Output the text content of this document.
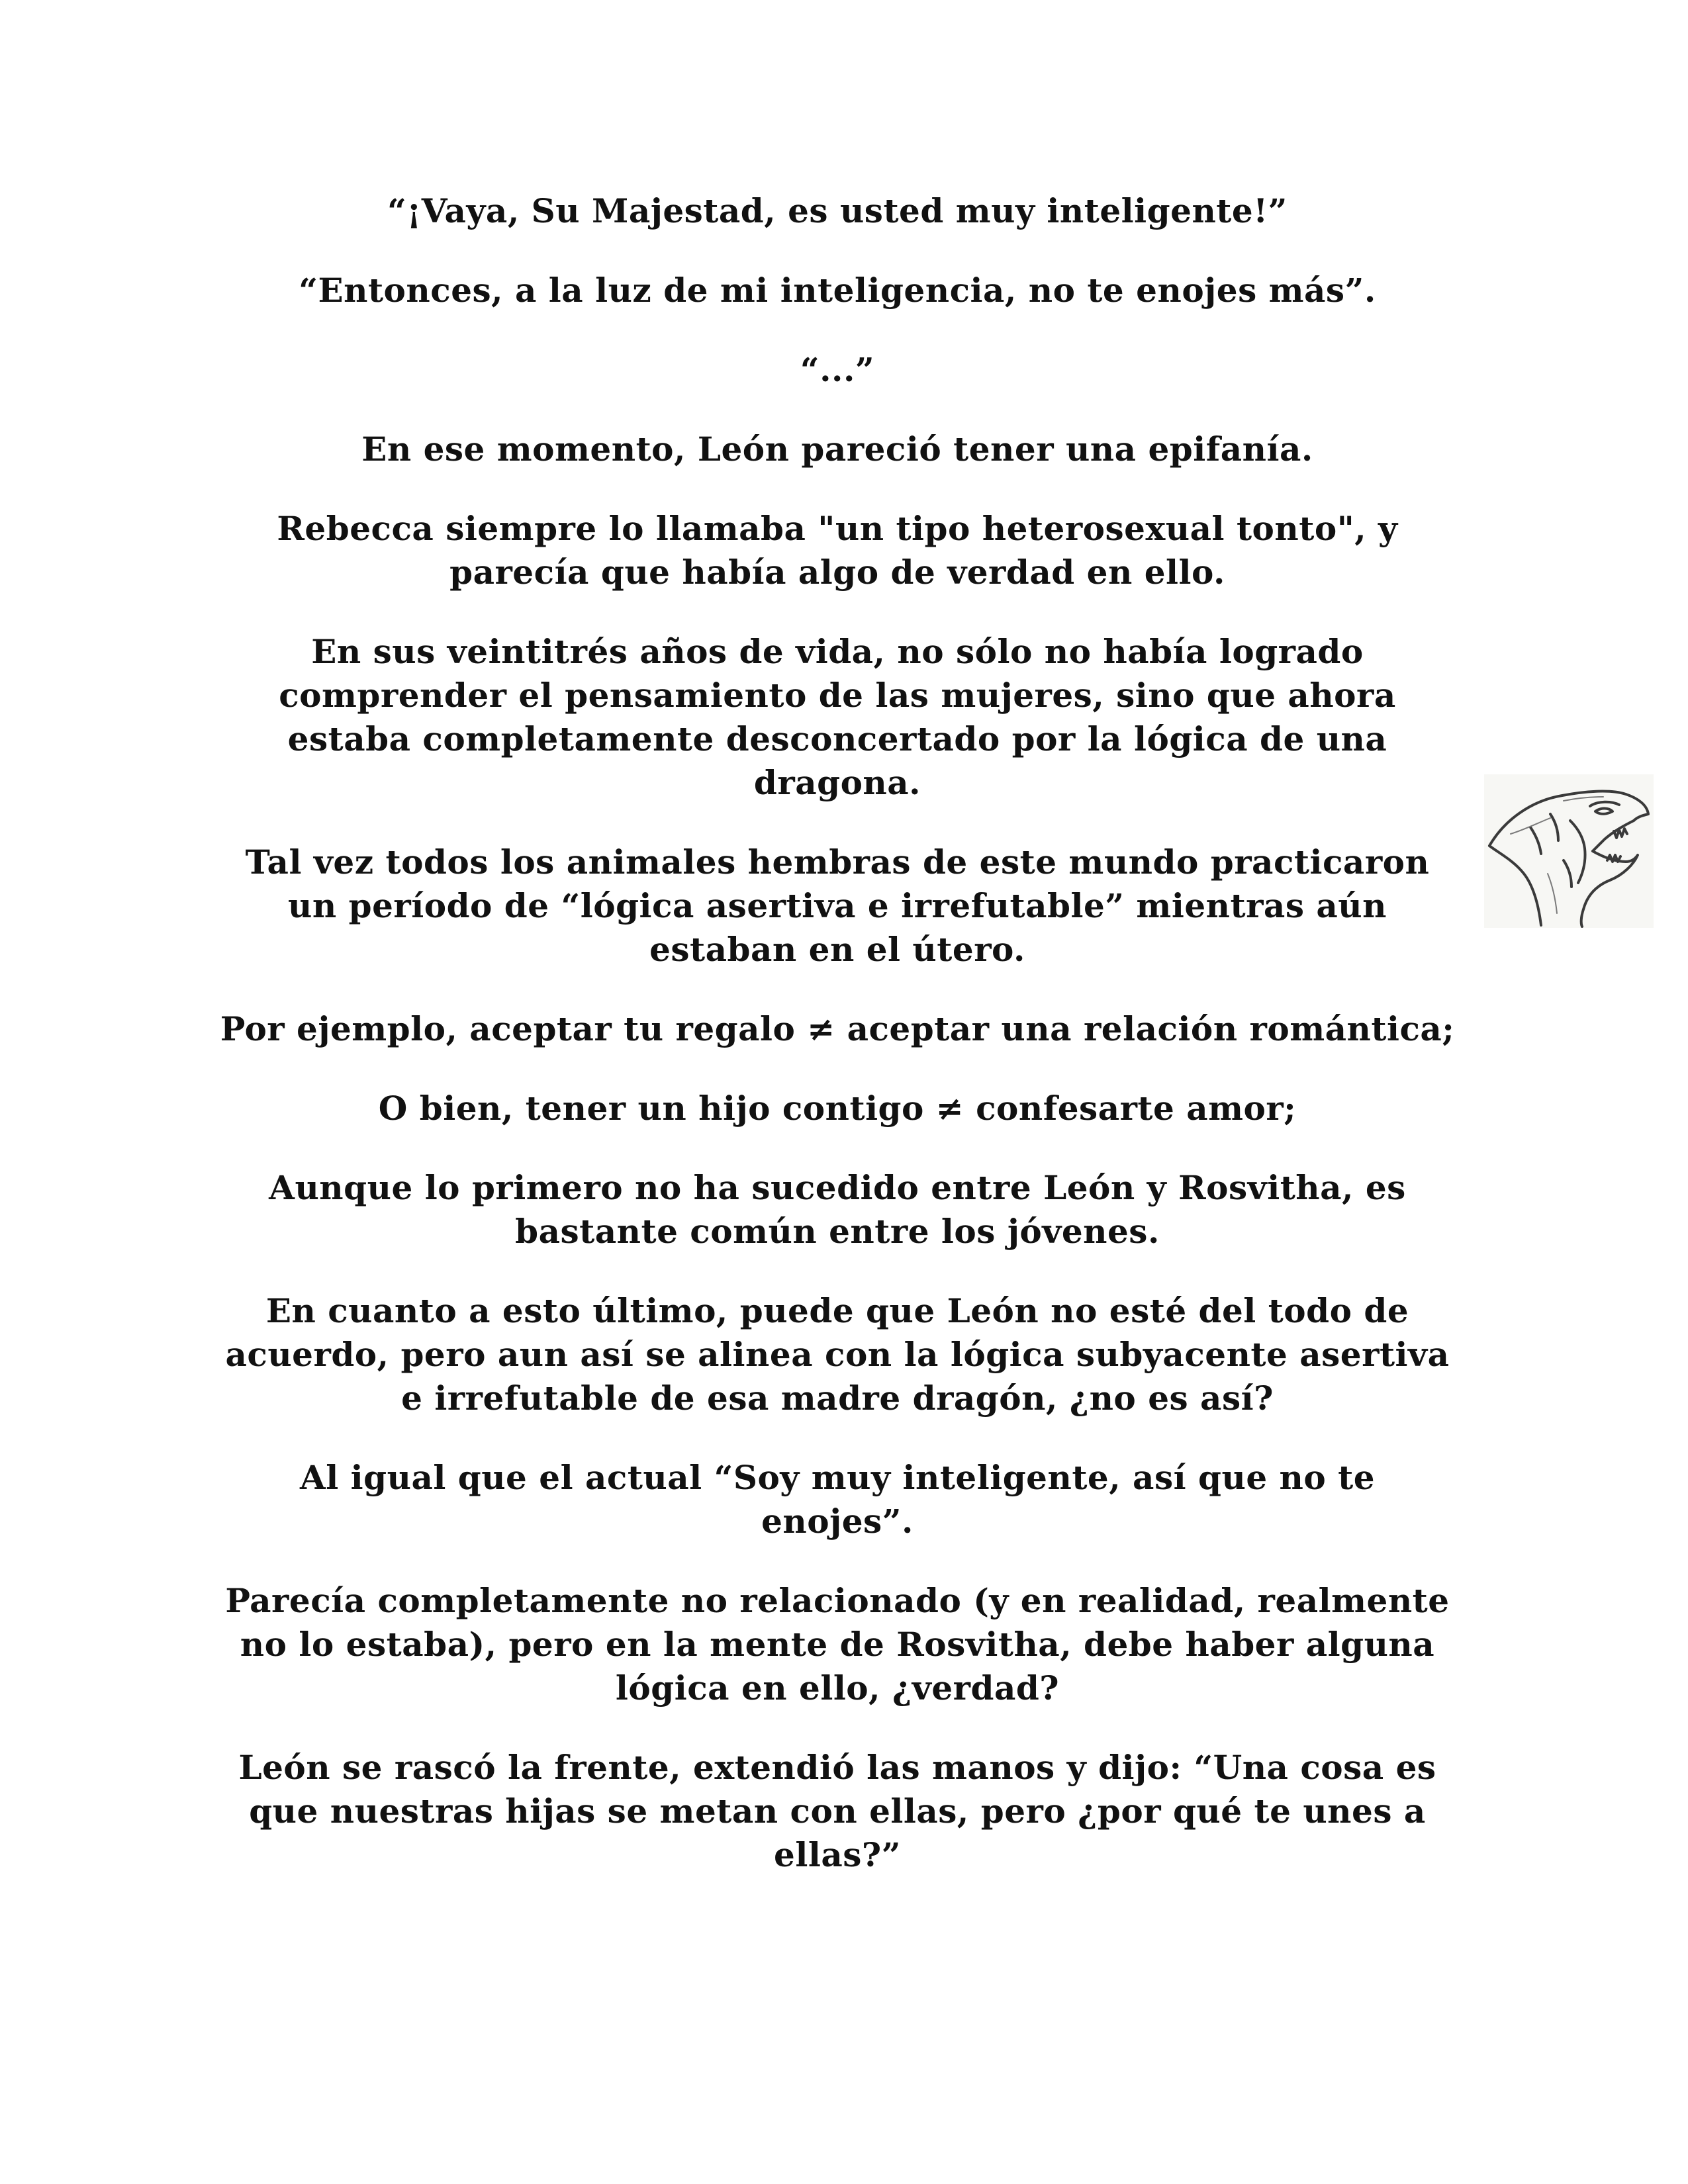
“¡Vaya, Su Majestad, es usted muy inteligente!”

“Entonces, a la luz de mi inteligencia, no te enojes más”.

“...”

En ese momento, León pareció tener una epifanía.

Rebecca siempre lo llamaba "un tipo heterosexual tonto", y parecía que había algo de verdad en ello.

En sus veintitrés años de vida, no sólo no había logrado comprender el pensamiento de las mujeres, sino que ahora estaba completamente desconcertado por la lógica de una dragona.

Tal vez todos los animales hembras de este mundo practicaron un período de “lógica asertiva e irrefutable” mientras aún estaban en el útero.

Por ejemplo, aceptar tu regalo ≠ aceptar una relación romántica;

O bien, tener un hijo contigo ≠ confesarte amor;

Aunque lo primero no ha sucedido entre León y Rosvitha, es bastante común entre los jóvenes.

En cuanto a esto último, puede que León no esté del todo de acuerdo, pero aun así se alinea con la lógica subyacente asertiva e irrefutable de esa madre dragón, ¿no es así?

Al igual que el actual “Soy muy inteligente, así que no te enojes”.

Parecía completamente no relacionado (y en realidad, realmente no lo estaba), pero en la mente de Rosvitha, debe haber alguna lógica en ello, ¿verdad?

León se rascó la frente, extendió las manos y dijo: “Una cosa es que nuestras hijas se metan con ellas, pero ¿por qué te unes a ellas?”
